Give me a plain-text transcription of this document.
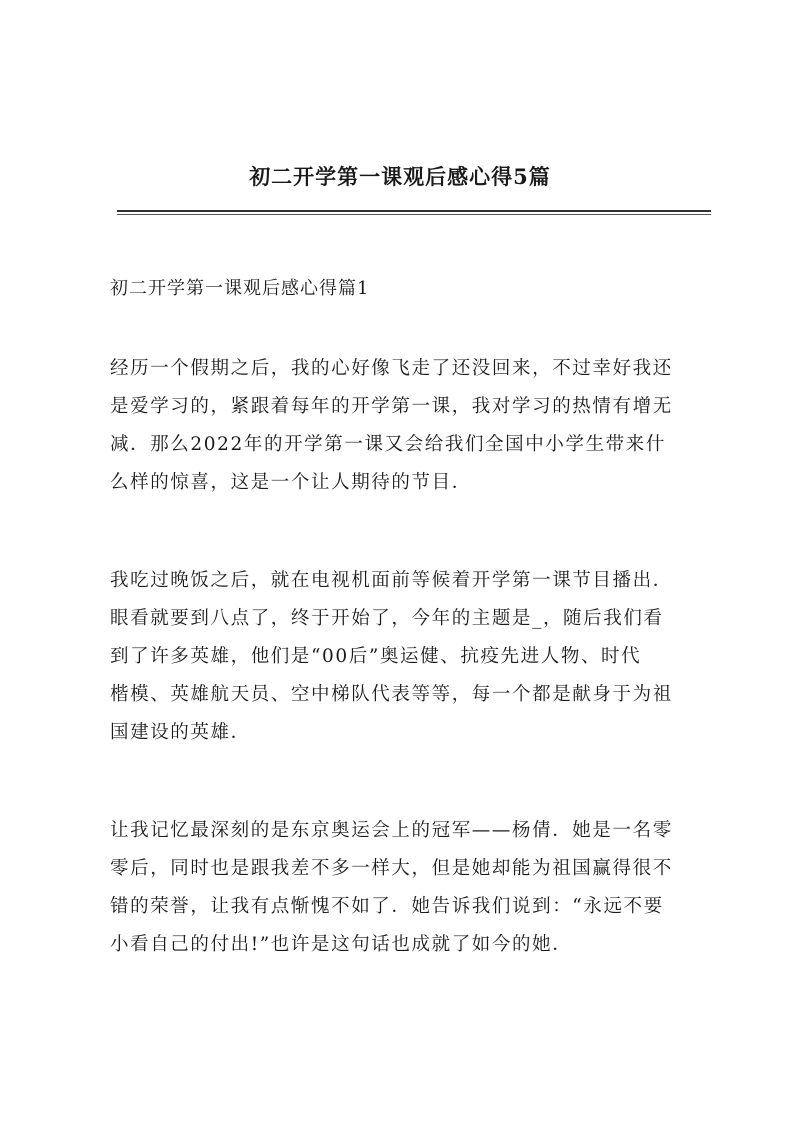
初二开学第一课观后感心得5篇
初二开学第一课观后感心得篇1
经历一个假期之后，我的心好像飞走了还没回来，不过幸好我还
是爱学习的，紧跟着每年的开学第一课，我对学习的热情有增无
减．那么2022年的开学第一课又会给我们全国中小学生带来什
么样的惊喜，这是一个让人期待的节目．
我吃过晚饭之后，就在电视机面前等候着开学第一课节目播出．
眼看就要到八点了，终于开始了，今年的主题是_，随后我们看
到了许多英雄，他们是“00后”奥运健、抗疫先进人物、时代
楷模、英雄航天员、空中梯队代表等等，每一个都是献身于为祖
国建设的英雄．
让我记忆最深刻的是东京奥运会上的冠军——杨倩．她是一名零
零后，同时也是跟我差不多一样大，但是她却能为祖国赢得很不
错的荣誉，让我有点惭愧不如了．她告诉我们说到：“永远不要
小看自己的付出!”也许是这句话也成就了如今的她．
